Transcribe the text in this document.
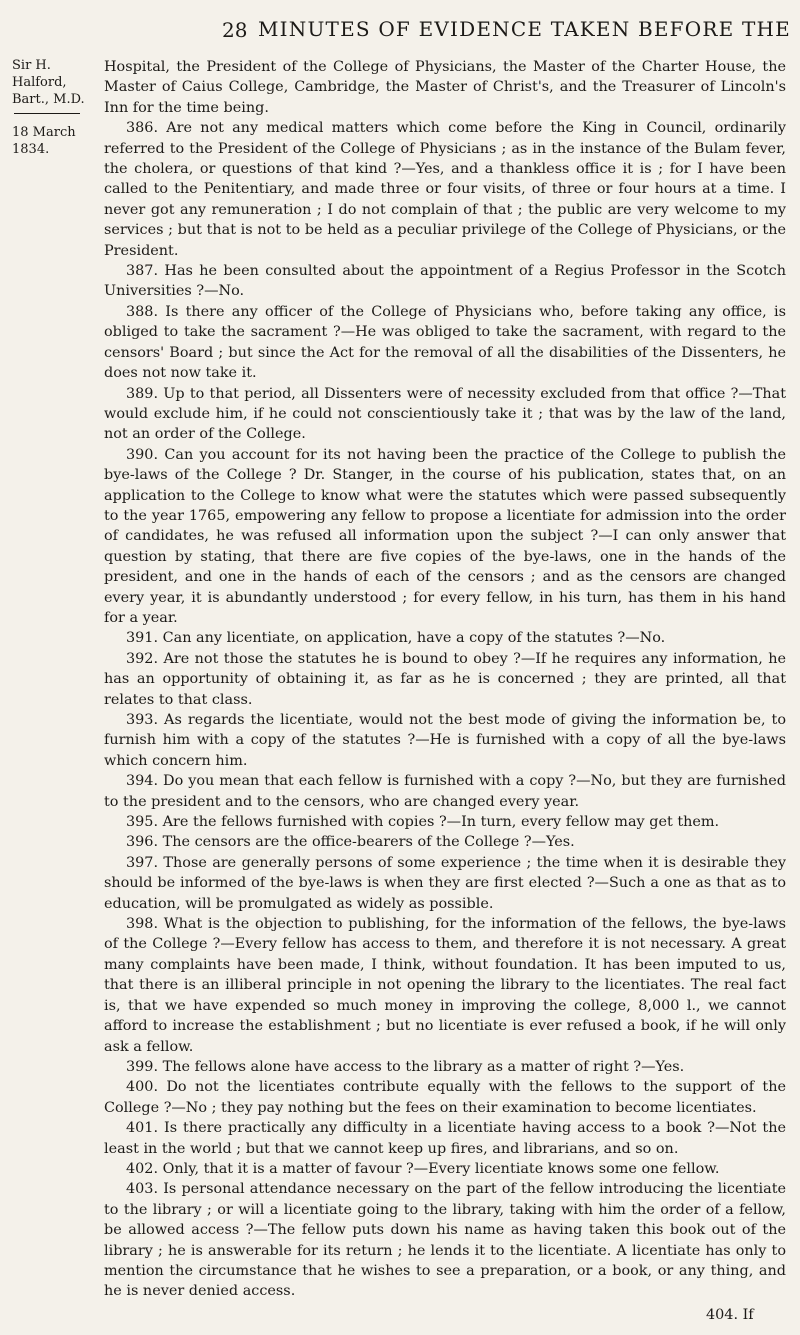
28 MINUTES OF EVIDENCE TAKEN BEFORE THE
Sir H. Halford, Bart., M.D.
18 March 1834.

Hospital, the President of the College of Physicians, the Master of the Charter House, the Master of Caius College, Cambridge, the Master of Christ's, and the Treasurer of Lincoln's Inn for the time being.

386. Are not any medical matters which come before the King in Council, ordinarily referred to the President of the College of Physicians ; as in the instance of the Bulam fever, the cholera, or questions of that kind ?—Yes, and a thankless office it is ; for I have been called to the Penitentiary, and made three or four visits, of three or four hours at a time. I never got any remuneration ; I do not complain of that ; the public are very welcome to my services ; but that is not to be held as a peculiar privilege of the College of Physicians, or the President.

387. Has he been consulted about the appointment of a Regius Professor in the Scotch Universities ?—No.

388. Is there any officer of the College of Physicians who, before taking any office, is obliged to take the sacrament ?—He was obliged to take the sacrament, with regard to the censors' Board ; but since the Act for the removal of all the disabilities of the Dissenters, he does not now take it.

389. Up to that period, all Dissenters were of necessity excluded from that office ?—That would exclude him, if he could not conscientiously take it ; that was by the law of the land, not an order of the College.

390. Can you account for its not having been the practice of the College to publish the bye-laws of the College ? Dr. Stanger, in the course of his publication, states that, on an application to the College to know what were the statutes which were passed subsequently to the year 1765, empowering any fellow to propose a licentiate for admission into the order of candidates, he was refused all information upon the subject ?—I can only answer that question by stating, that there are five copies of the bye-laws, one in the hands of the president, and one in the hands of each of the censors ; and as the censors are changed every year, it is abundantly understood ; for every fellow, in his turn, has them in his hand for a year.

391. Can any licentiate, on application, have a copy of the statutes ?—No.

392. Are not those the statutes he is bound to obey ?—If he requires any information, he has an opportunity of obtaining it, as far as he is concerned ; they are printed, all that relates to that class.

393. As regards the licentiate, would not the best mode of giving the information be, to furnish him with a copy of the statutes ?—He is furnished with a copy of all the bye-laws which concern him.

394. Do you mean that each fellow is furnished with a copy ?—No, but they are furnished to the president and to the censors, who are changed every year.

395. Are the fellows furnished with copies ?—In turn, every fellow may get them.

396. The censors are the office-bearers of the College ?—Yes.

397. Those are generally persons of some experience ; the time when it is desirable they should be informed of the bye-laws is when they are first elected ?—Such a one as that as to education, will be promulgated as widely as possible.

398. What is the objection to publishing, for the information of the fellows, the bye-laws of the College ?—Every fellow has access to them, and therefore it is not necessary. A great many complaints have been made, I think, without foundation. It has been imputed to us, that there is an illiberal principle in not opening the library to the licentiates. The real fact is, that we have expended so much money in improving the college, 8,000 l., we cannot afford to increase the establishment ; but no licentiate is ever refused a book, if he will only ask a fellow.

399. The fellows alone have access to the library as a matter of right ?—Yes.

400. Do not the licentiates contribute equally with the fellows to the support of the College ?—No ; they pay nothing but the fees on their examination to become licentiates.

401. Is there practically any difficulty in a licentiate having access to a book ?—Not the least in the world ; but that we cannot keep up fires, and librarians, and so on.

402. Only, that it is a matter of favour ?—Every licentiate knows some one fellow.

403. Is personal attendance necessary on the part of the fellow introducing the licentiate to the library ; or will a licentiate going to the library, taking with him the order of a fellow, be allowed access ?—The fellow puts down his name as having taken this book out of the library ; he is answerable for its return ; he lends it to the licentiate. A licentiate has only to mention the circumstance that he wishes to see a preparation, or a book, or any thing, and he is never denied access.

404. If
